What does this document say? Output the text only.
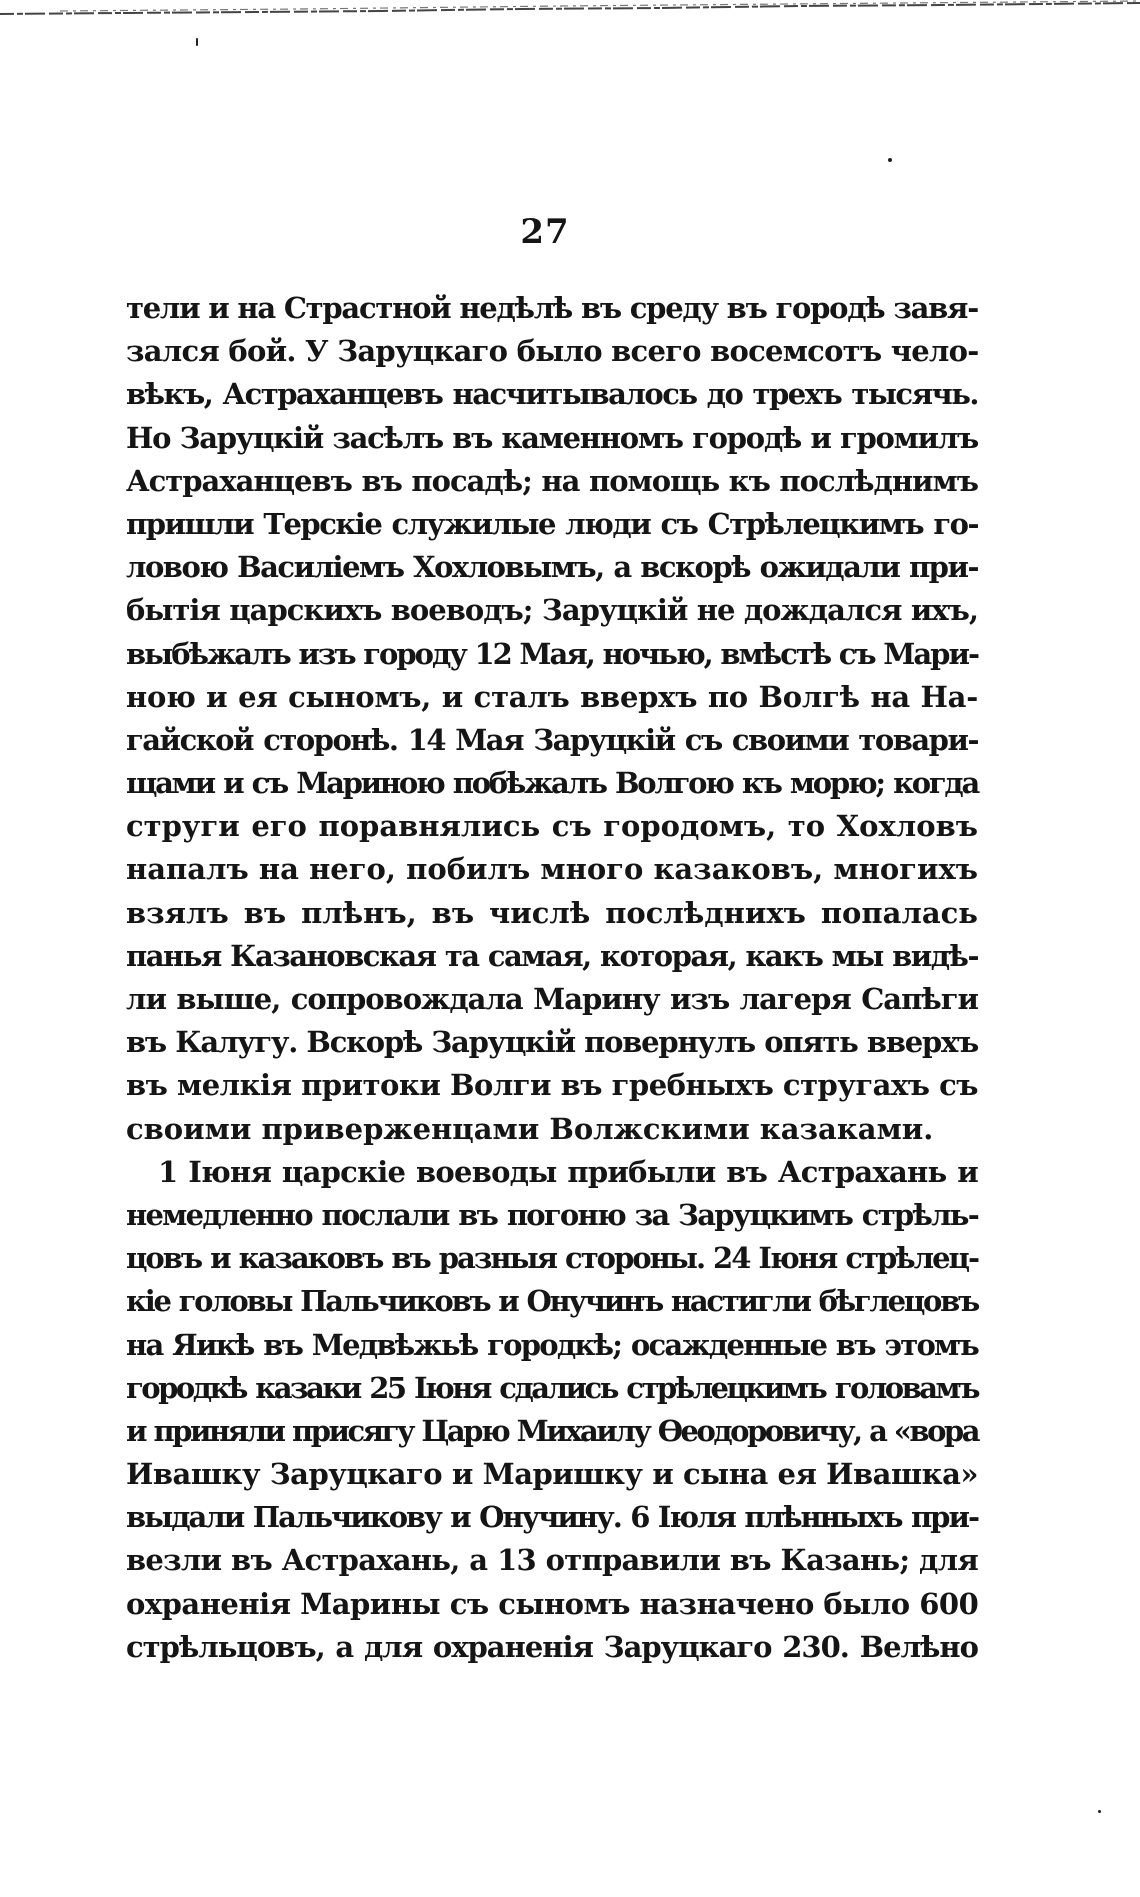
27
тели и на Страстной недѣлѣ въ среду въ городѣ завя-
зался бой. У Заруцкаго было всего восемсотъ чело-
вѣкъ, Астраханцевъ насчитывалось до трехъ тысячь.
Но Заруцкій засѣлъ въ каменномъ городѣ и громилъ
Астраханцевъ въ посадѣ; на помощь къ послѣднимъ
пришли Терскіе служилые люди съ Стрѣлецкимъ го-
ловою Василіемъ Хохловымъ, а вскорѣ ожидали при-
бытія царскихъ воеводъ; Заруцкій не дождался ихъ,
выбѣжалъ изъ городу 12 Мая, ночью, вмѣстѣ съ Мари-
ною и ея сыномъ, и сталъ вверхъ по Волгѣ на На-
гайской сторонѣ. 14 Мая Заруцкій съ своими товари-
щами и съ Мариною побѣжалъ Волгою къ морю; когда
струги его поравнялись съ городомъ, то Хохловъ
напалъ на него, побилъ много казаковъ, многихъ
взялъ въ плѣнъ, въ числѣ послѣднихъ попалась
панья Казановская та самая, которая, какъ мы видѣ-
ли выше, сопровождала Марину изъ лагеря Сапѣги
въ Калугу. Вскорѣ Заруцкій повернулъ опять вверхъ
въ мелкія притоки Волги въ гребныхъ стругахъ съ
своими приверженцами Волжскими казаками.
1 Іюня царскіе воеводы прибыли въ Астрахань и
немедленно послали въ погоню за Заруцкимъ стрѣль-
цовъ и казаковъ въ разныя стороны. 24 Іюня стрѣлец-
кіе головы Пальчиковъ и Онучинъ настигли бѣглецовъ
на Яикѣ въ Медвѣжьѣ городкѣ; осажденные въ этомъ
городкѣ казаки 25 Іюня сдались стрѣлецкимъ головамъ
и приняли присягу Царю Михаилу Ѳеодоровичу, а «вора
Ивашку Заруцкаго и Маришку и сына ея Ивашка»
выдали Пальчикову и Онучину. 6 Іюля плѣнныхъ при-
везли въ Астрахань, а 13 отправили въ Казань; для
охраненія Марины съ сыномъ назначено было 600
стрѣльцовъ, а для охраненія Заруцкаго 230. Велѣно
